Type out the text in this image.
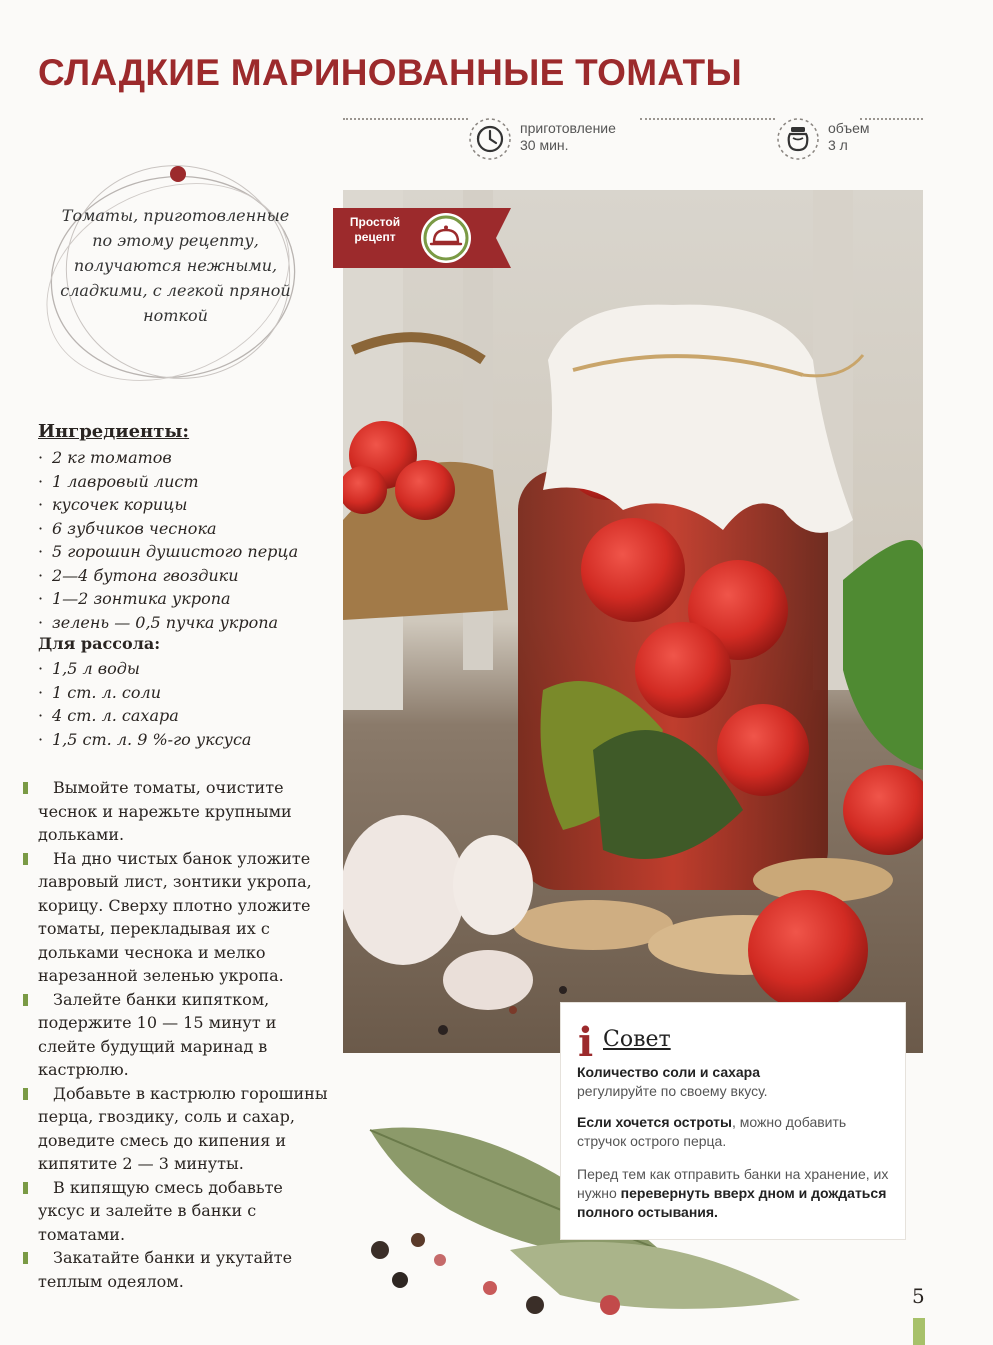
СЛАДКИЕ МАРИНОВАННЫЕ ТОМАТЫ
приготовление
30 мин.
объем
3 л
Томаты, приготовленные по этому рецепту, получаются нежными, сладкими, с легкой пряной ноткой
Ингредиенты:
· 2 кг томатов
· 1 лавровый лист
· кусочек корицы
· 6 зубчиков чеснока
· 5 горошин душистого перца
· 2—4 бутона гвоздики
· 1—2 зонтика укропа
· зелень — 0,5 пучка укропа
Для рассола:
· 1,5 л воды
· 1 ст. л. соли
· 4 ст. л. сахара
· 1,5 ст. л. 9 %-го уксуса
Вымойте томаты, очистите чеснок и нарежьте крупными дольками.
На дно чистых банок уложите лавровый лист, зонтики укропа, корицу. Сверху плотно уложите томаты, перекладывая их с дольками чеснока и мелко нарезанной зеленью укропа.
Залейте банки кипятком, подержите 10 — 15 минут и слейте будущий маринад в кастрюлю.
Добавьте в кастрюлю горошины перца, гвоздику, соль и сахар, доведите смесь до кипения и кипятите 2 — 3 минуты.
В кипящую смесь добавьте уксус и залейте в банки с томатами.
Закатайте банки и укутайте теплым одеялом.
Простой
рецепт
i Совет

Количество соли и сахара
регулируйте по своему вкусу.

Если хочется остроты, можно добавить стручок острого перца.

Перед тем как отправить банки на хранение, их нужно перевернуть вверх дном и дождаться полного остывания.

5
